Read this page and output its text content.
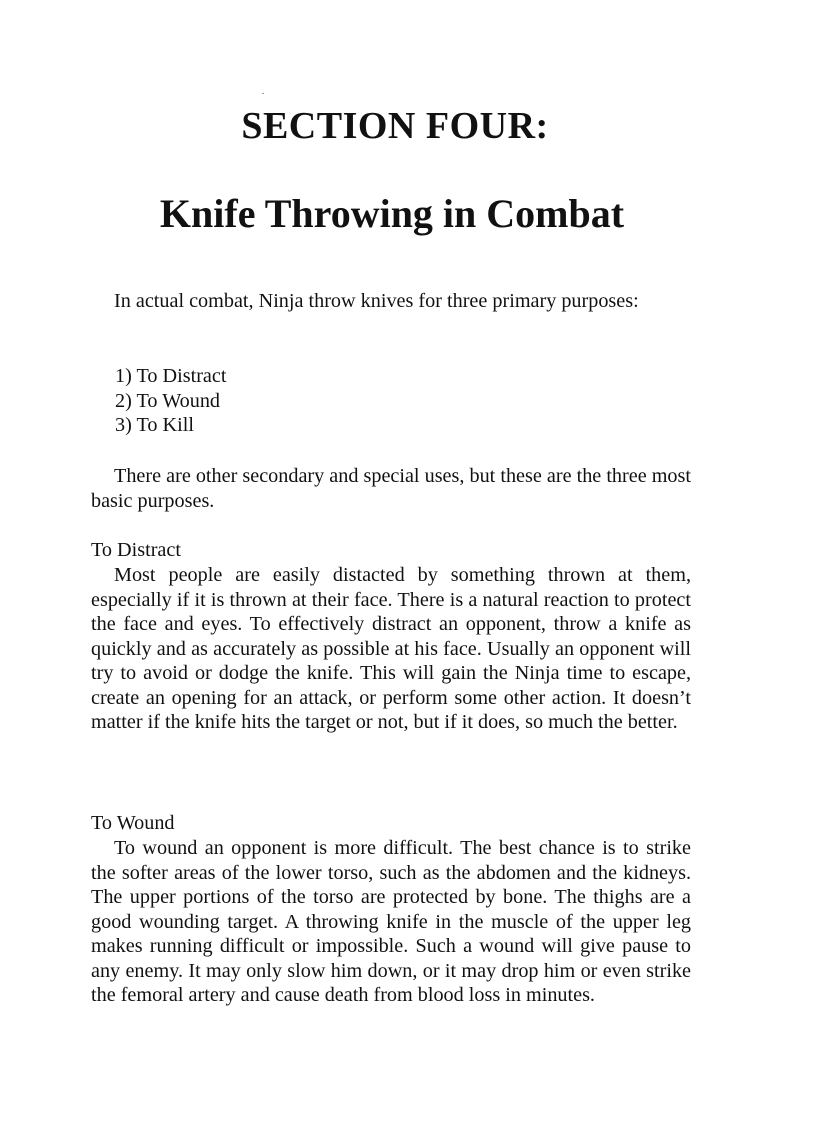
SECTION FOUR:
Knife Throwing in Combat

In actual combat, Ninja throw knives for three primary purposes:

1) To Distract
2) To Wound
3) To Kill

There are other secondary and special uses, but these are the three most basic purposes.

To Distract

Most people are easily distacted by something thrown at them, especially if it is thrown at their face. There is a natural reaction to protect the face and eyes. To effectively distract an opponent, throw a knife as quickly and as accurately as possible at his face. Usually an opponent will try to avoid or dodge the knife. This will gain the Ninja time to escape, create an opening for an attack, or perform some other action. It doesn’t matter if the knife hits the target or not, but if it does, so much the better.

To Wound

To wound an opponent is more difficult. The best chance is to strike the softer areas of the lower torso, such as the abdomen and the kidneys. The upper portions of the torso are protected by bone. The thighs are a good wounding target. A throwing knife in the muscle of the upper leg makes running difficult or impossible. Such a wound will give pause to any enemy. It may only slow him down, or it may drop him or even strike the femoral artery and cause death from blood loss in minutes.
